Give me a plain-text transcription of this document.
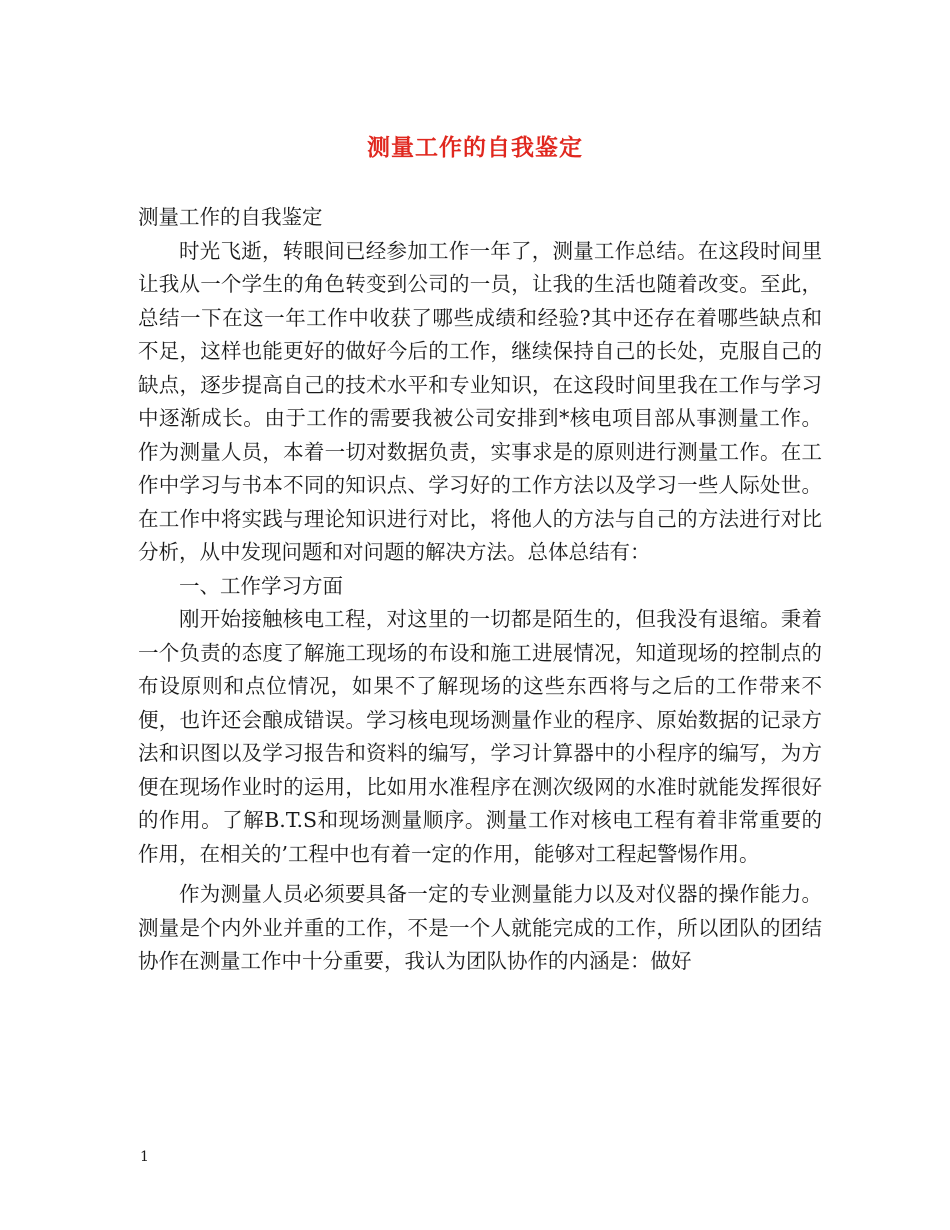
测量工作的自我鉴定

测量工作的自我鉴定

时光飞逝，转眼间已经参加工作一年了，测量工作总结。在这段时间里让我从一个学生的角色转变到公司的一员，让我的生活也随着改变。至此，总结一下在这一年工作中收获了哪些成绩和经验?其中还存在着哪些缺点和不足，这样也能更好的做好今后的工作，继续保持自己的长处，克服自己的缺点，逐步提高自己的技术水平和专业知识，在这段时间里我在工作与学习中逐渐成长。由于工作的需要我被公司安排到*核电项目部从事测量工作。作为测量人员，本着一切对数据负责，实事求是的原则进行测量工作。在工作中学习与书本不同的知识点、学习好的工作方法以及学习一些人际处世。在工作中将实践与理论知识进行对比，将他人的方法与自己的方法进行对比分析，从中发现问题和对问题的解决方法。总体总结有：

一、工作学习方面

刚开始接触核电工程，对这里的一切都是陌生的，但我没有退缩。秉着一个负责的态度了解施工现场的布设和施工进展情况，知道现场的控制点的布设原则和点位情况，如果不了解现场的这些东西将与之后的工作带来不便，也许还会酿成错误。学习核电现场测量作业的程序、原始数据的记录方法和识图以及学习报告和资料的编写，学习计算器中的小程序的编写，为方便在现场作业时的运用，比如用水准程序在测次级网的水准时就能发挥很好的作用。了解B.T.S和现场测量顺序。测量工作对核电工程有着非常重要的作用，在相关的’工程中也有着一定的作用，能够对工程起警惕作用。

作为测量人员必须要具备一定的专业测量能力以及对仪器的操作能力。测量是个内外业并重的工作，不是一个人就能完成的工作，所以团队的团结协作在测量工作中十分重要，我认为团队协作的内涵是：做好

1
